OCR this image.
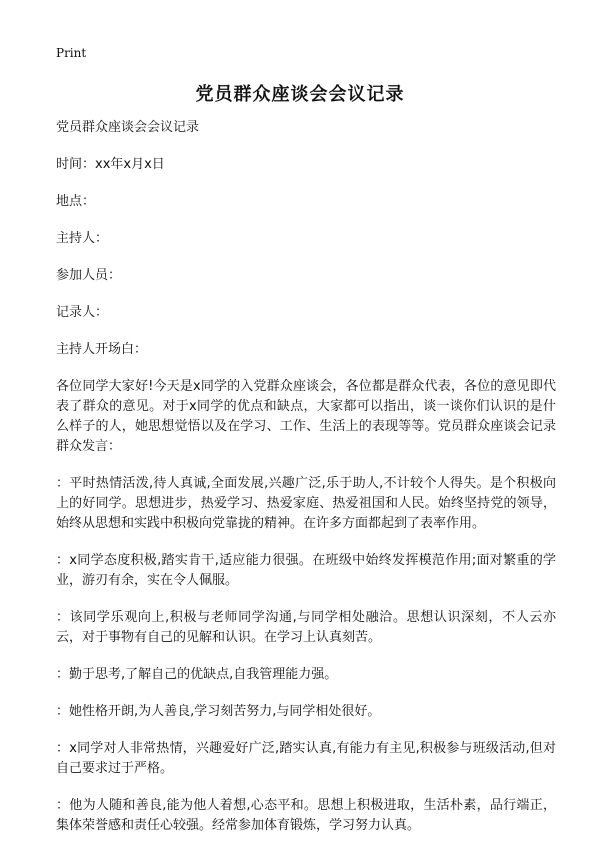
Print
党员群众座谈会会议记录

党员群众座谈会会议记录

时间：xx年x月x日

地点：

主持人：

参加人员：

记录人：

主持人开场白：

各位同学大家好!今天是x同学的入党群众座谈会，各位都是群众代表，各位的意见即代表了群众的意见。对于x同学的优点和缺点，大家都可以指出，谈一谈你们认识的是什么样子的人，她思想觉悟以及在学习、工作、生活上的表现等等。党员群众座谈会记录群众发言：

：平时热情活泼,待人真诚,全面发展,兴趣广泛,乐于助人,不计较个人得失。是个积极向上的好同学。思想进步，热爱学习、热爱家庭、热爱祖国和人民。始终坚持党的领导，始终从思想和实践中积极向党靠拢的精神。在许多方面都起到了表率作用。

：x同学态度积极,踏实肯干,适应能力很强。在班级中始终发挥模范作用;面对繁重的学业，游刃有余，实在令人佩服。

：该同学乐观向上,积极与老师同学沟通,与同学相处融洽。思想认识深刻，不人云亦云，对于事物有自己的见解和认识。在学习上认真刻苦。

：勤于思考,了解自己的优缺点,自我管理能力强。

：她性格开朗,为人善良,学习刻苦努力,与同学相处很好。

：x同学对人非常热情，兴趣爱好广泛,踏实认真,有能力有主见,积极参与班级活动,但对自己要求过于严格。

：他为人随和善良,能为他人着想,心态平和。思想上积极进取，生活朴素，品行端正，集体荣誉感和责任心较强。经常参加体育锻炼，学习努力认真。
